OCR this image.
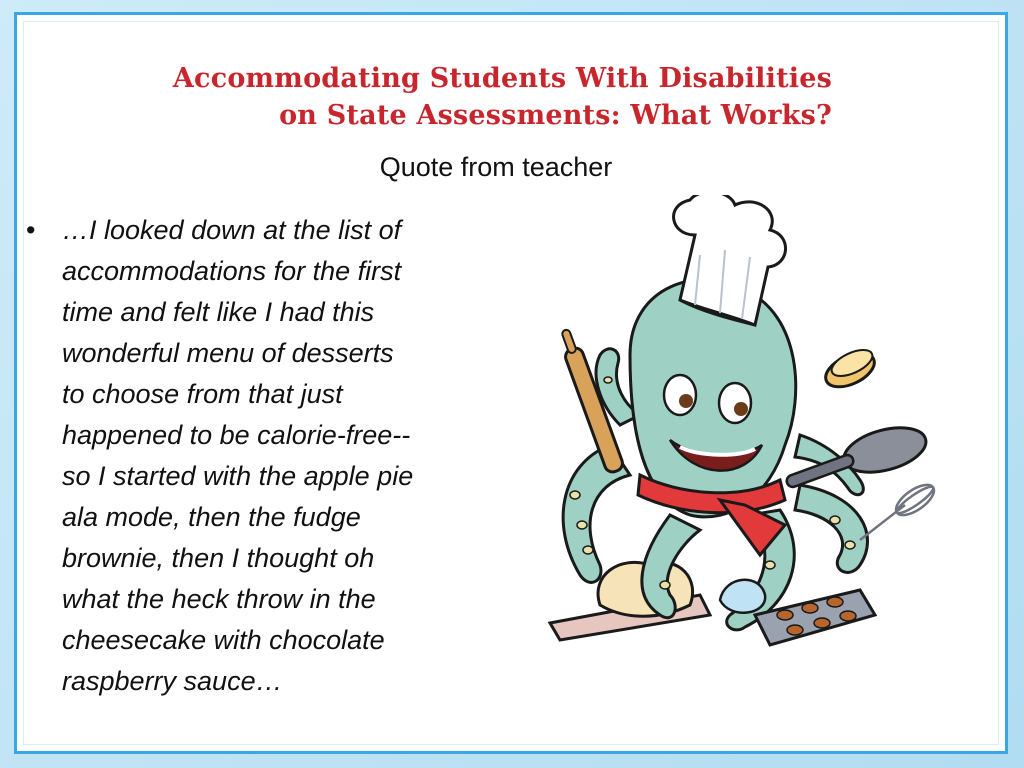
Accommodating Students With Disabilities
on State Assessments: What Works?
Quote from teacher
• …I looked down at the list of
accommodations for the first
time and felt like I had this
wonderful menu of desserts
to choose from that just
happened to be calorie-free--
so I started with the apple pie
ala mode, then the fudge
brownie, then I thought oh
what the heck throw in the
cheesecake with chocolate
raspberry sauce…
